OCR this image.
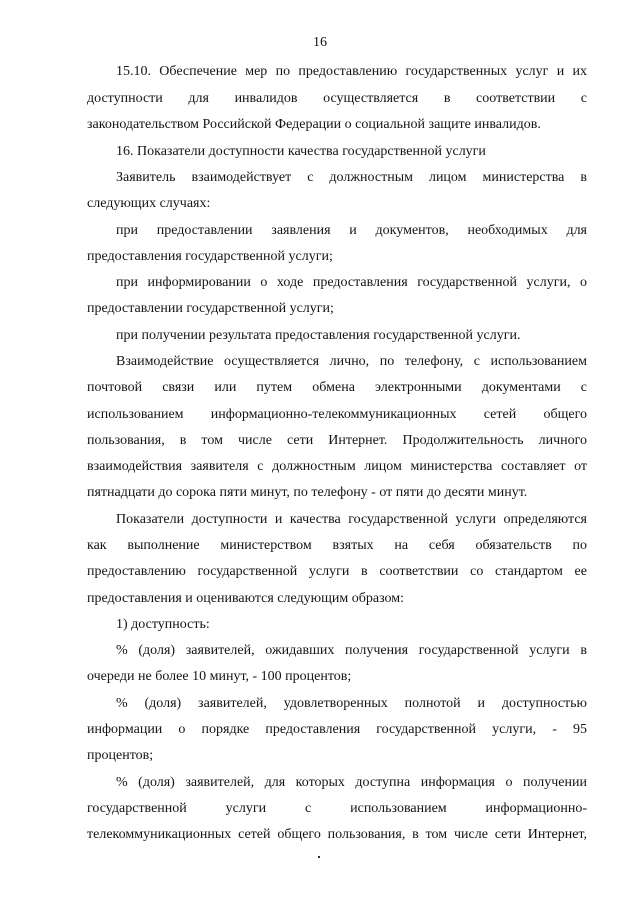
16
15.10. Обеспечение мер по предоставлению государственных услуг и их
доступности для инвалидов осуществляется в соответствии с
законодательством Российской Федерации о социальной защите инвалидов.
16. Показатели доступности качества государственной услуги
Заявитель взаимодействует с должностным лицом министерства в
следующих случаях:
при предоставлении заявления и документов, необходимых для
предоставления государственной услуги;
при информировании о ходе предоставления государственной услуги, о
предоставлении государственной услуги;
при получении результата предоставления государственной услуги.
Взаимодействие осуществляется лично, по телефону, с использованием
почтовой связи или путем обмена электронными документами с
использованием информационно-телекоммуникационных сетей общего
пользования, в том числе сети Интернет. Продолжительность личного
взаимодействия заявителя с должностным лицом министерства составляет от
пятнадцати до сорока пяти минут, по телефону - от пяти до десяти минут.
Показатели доступности и качества государственной услуги определяются
как выполнение министерством взятых на себя обязательств по
предоставлению государственной услуги в соответствии со стандартом ее
предоставления и оцениваются следующим образом:
1) доступность:
% (доля) заявителей, ожидавших получения государственной услуги в
очереди не более 10 минут, - 100 процентов;
% (доля) заявителей, удовлетворенных полнотой и доступностью
информации о порядке предоставления государственной услуги, - 95
процентов;
% (доля) заявителей, для которых доступна информация о получении
государственной услуги с использованием информационно-
телекоммуникационных сетей общего пользования, в том числе сети Интернет,
